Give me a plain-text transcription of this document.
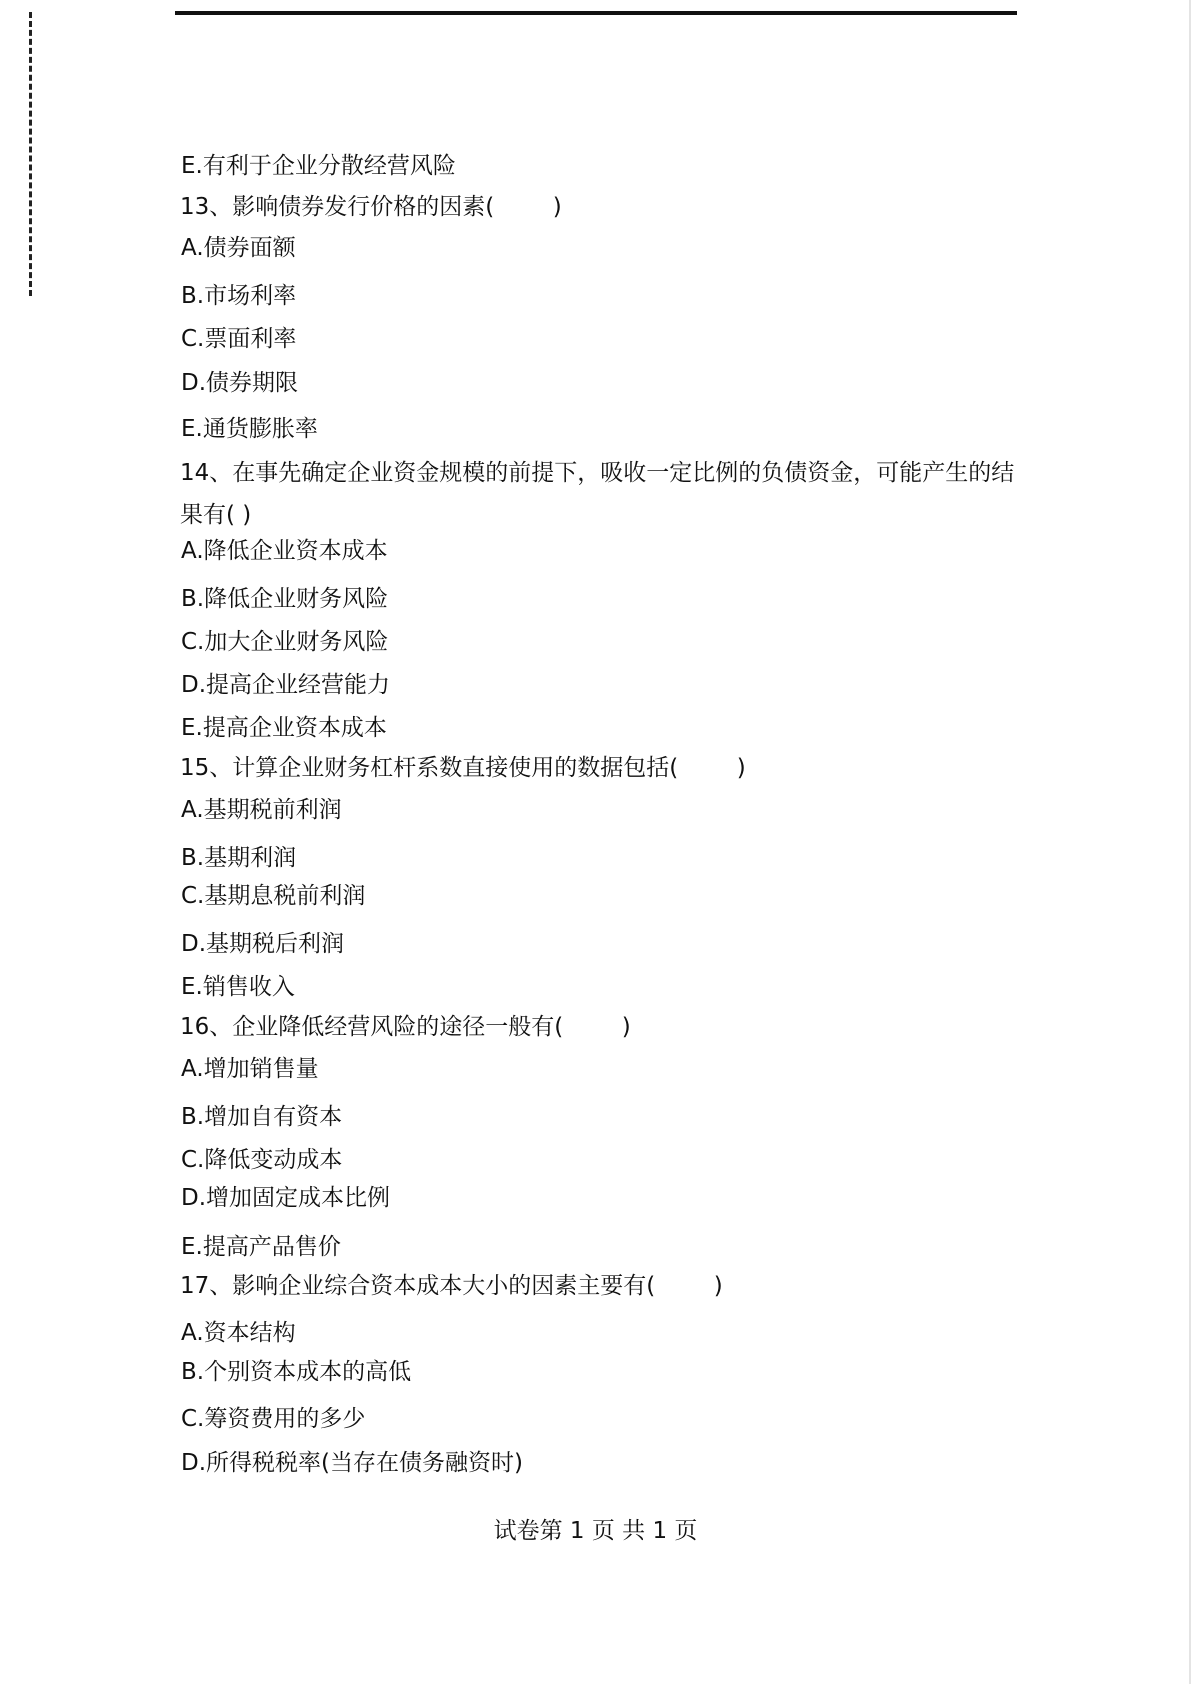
E.有利于企业分散经营风险

13、影响债券发行价格的因素(        )

A.债券面额

B.市场利率

C.票面利率

D.债券期限

E.通货膨胀率

14、在事先确定企业资金规模的前提下，吸收一定比例的负债资金，可能产生的结果有( )

A.降低企业资本成本

B.降低企业财务风险

C.加大企业财务风险

D.提高企业经营能力

E.提高企业资本成本

15、计算企业财务杠杆系数直接使用的数据包括(        )

A.基期税前利润

B.基期利润

C.基期息税前利润

D.基期税后利润

E.销售收入

16、企业降低经营风险的途径一般有(        )

A.增加销售量

B.增加自有资本

C.降低变动成本

D.增加固定成本比例

E.提高产品售价

17、影响企业综合资本成本大小的因素主要有(        )

A.资本结构

B.个别资本成本的高低

C.筹资费用的多少

D.所得税税率(当存在债务融资时)

试卷第 1 页 共 1 页
